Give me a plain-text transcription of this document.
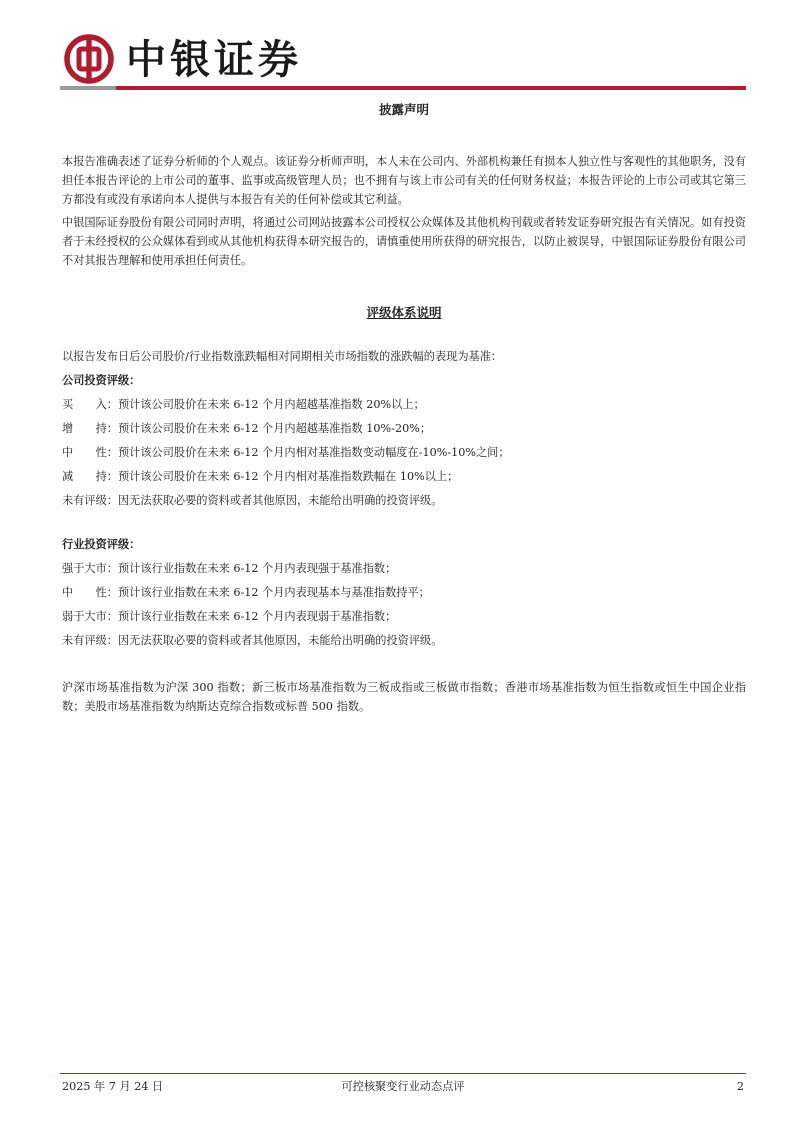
中银证券
披露声明

本报告准确表述了证券分析师的个人观点。该证券分析师声明，本人未在公司内、外部机构兼任有损本人独立性与客观性的其他职务，没有担任本报告评论的上市公司的董事、监事或高级管理人员；也不拥有与该上市公司有关的任何财务权益；本报告评论的上市公司或其它第三方都没有或没有承诺向本人提供与本报告有关的任何补偿或其它利益。

中银国际证券股份有限公司同时声明，将通过公司网站披露本公司授权公众媒体及其他机构刊载或者转发证券研究报告有关情况。如有投资者于未经授权的公众媒体看到或从其他机构获得本研究报告的，请慎重使用所获得的研究报告，以防止被误导，中银国际证券股份有限公司不对其报告理解和使用承担任何责任。

评级体系说明

以报告发布日后公司股价/行业指数涨跌幅相对同期相关市场指数的涨跌幅的表现为基准：

公司投资评级：
买　　入：预计该公司股价在未来 6-12 个月内超越基准指数 20%以上；
增　　持：预计该公司股价在未来 6-12 个月内超越基准指数 10%-20%；
中　　性：预计该公司股价在未来 6-12 个月内相对基准指数变动幅度在-10%-10%之间；
减　　持：预计该公司股价在未来 6-12 个月内相对基准指数跌幅在 10%以上；
未有评级：因无法获取必要的资料或者其他原因，未能给出明确的投资评级。
行业投资评级：
强于大市：预计该行业指数在未来 6-12 个月内表现强于基准指数；
中　　性：预计该行业指数在未来 6-12 个月内表现基本与基准指数持平；
弱于大市：预计该行业指数在未来 6-12 个月内表现弱于基准指数；
未有评级：因无法获取必要的资料或者其他原因，未能给出明确的投资评级。

沪深市场基准指数为沪深 300 指数；新三板市场基准指数为三板成指或三板做市指数；香港市场基准指数为恒生指数或恒生中国企业指数；美股市场基准指数为纳斯达克综合指数或标普 500 指数。

2025 年 7 月 24 日	可控核聚变行业动态点评	2
